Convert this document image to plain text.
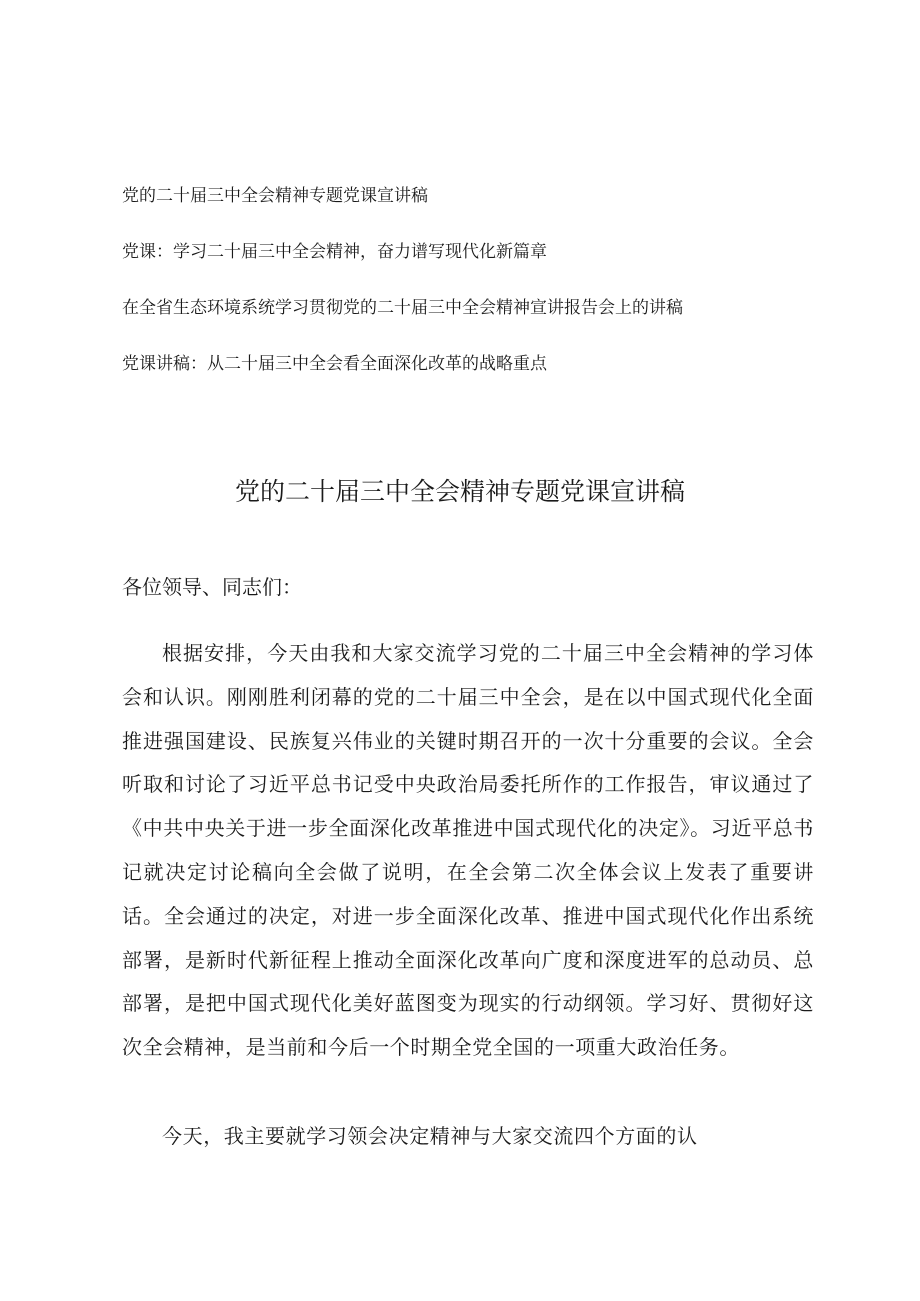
党的二十届三中全会精神专题党课宣讲稿
党课：学习二十届三中全会精神，奋力谱写现代化新篇章
在全省生态环境系统学习贯彻党的二十届三中全会精神宣讲报告会上的讲稿
党课讲稿：从二十届三中全会看全面深化改革的战略重点
党的二十届三中全会精神专题党课宣讲稿
各位领导、同志们：

根据安排，今天由我和大家交流学习党的二十届三中全会精神的学习体会和认识。刚刚胜利闭幕的党的二十届三中全会，是在以中国式现代化全面推进强国建设、民族复兴伟业的关键时期召开的一次十分重要的会议。全会听取和讨论了习近平总书记受中央政治局委托所作的工作报告，审议通过了《中共中央关于进一步全面深化改革推进中国式现代化的决定》。习近平总书记就决定讨论稿向全会做了说明，在全会第二次全体会议上发表了重要讲话。全会通过的决定，对进一步全面深化改革、推进中国式现代化作出系统部署，是新时代新征程上推动全面深化改革向广度和深度进军的总动员、总部署，是把中国式现代化美好蓝图变为现实的行动纲领。学习好、贯彻好这次全会精神，是当前和今后一个时期全党全国的一项重大政治任务。

今天，我主要就学习领会决定精神与大家交流四个方面的认
